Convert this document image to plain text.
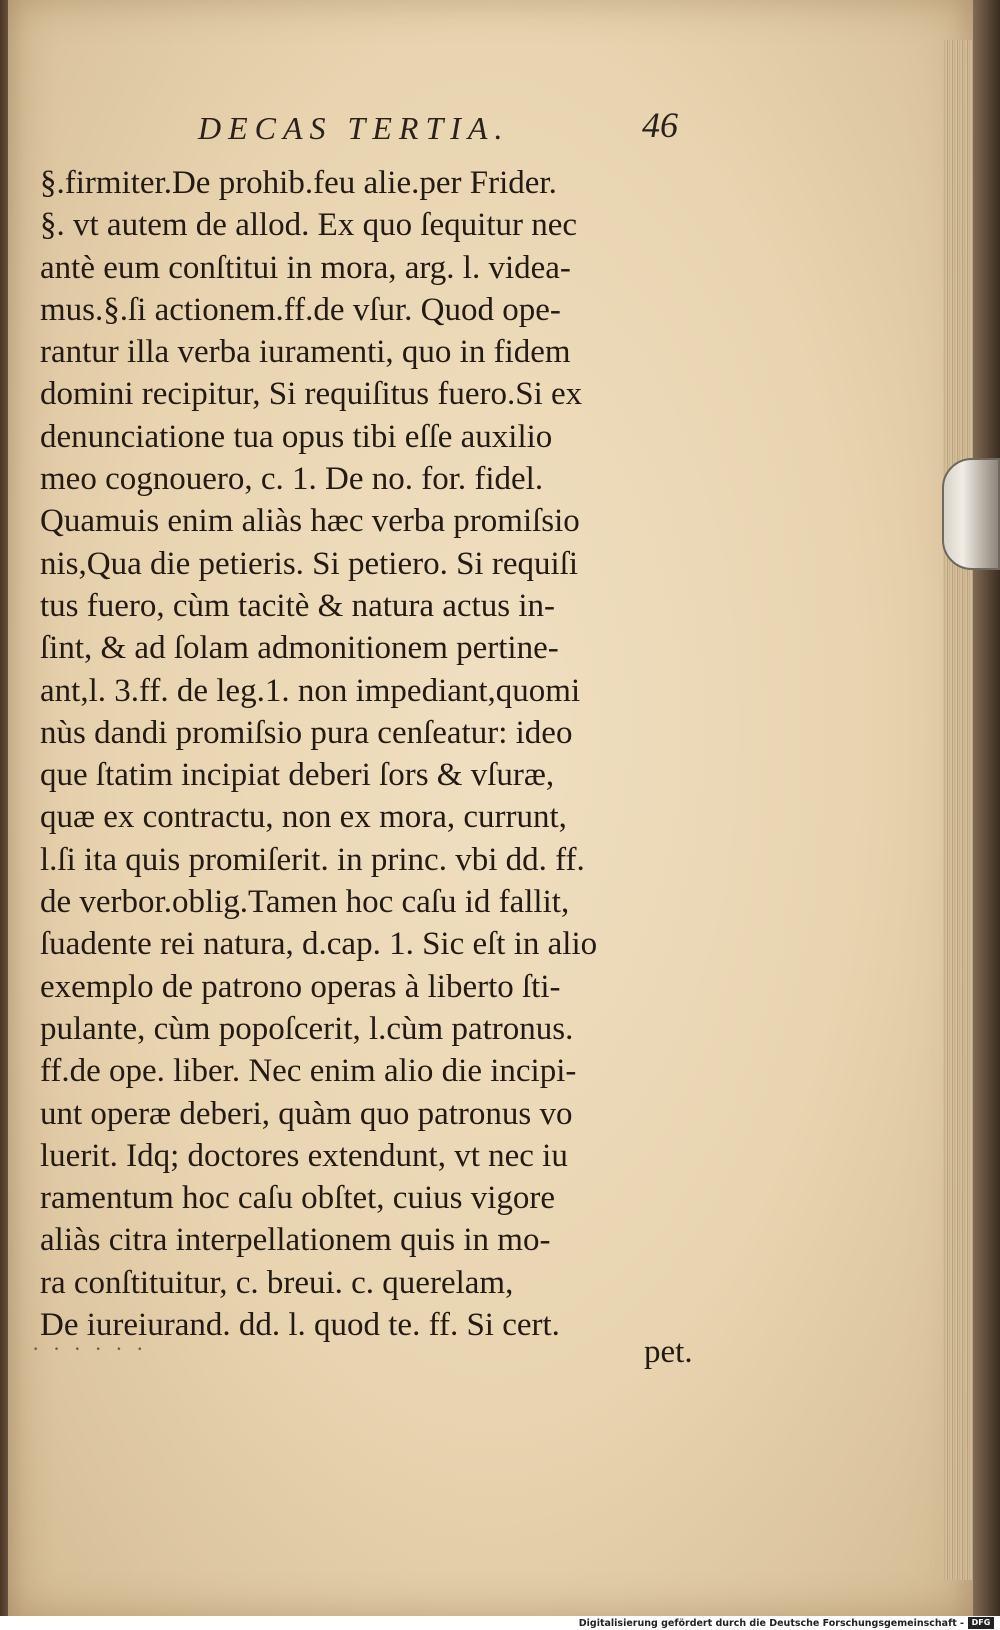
DECAS TERTIA.	46
§.firmiter.De prohib.feu alie.per Frider.
§. vt autem de allod. Ex quo ſequitur nec
antè eum conſtitui in mora, arg. l. videa-
mus.§.ſi actionem.ff.de vſur. Quod ope-
rantur illa verba iuramenti, quo in fidem
domini recipitur, Si requiſitus fuero.Si ex
denunciatione tua opus tibi eſſe auxilio
meo cognouero, c. 1. De no. for. fidel.
Quamuis enim aliàs hæc verba promiſsio
nis,Qua die petieris. Si petiero. Si requiſi
tus fuero, cùm tacitè & natura actus in-
ſint, & ad ſolam admonitionem pertine-
ant,l. 3.ff. de leg.1. non impediant,quomi
nùs dandi promiſsio pura cenſeatur: ideo
que ſtatim incipiat deberi ſors & vſuræ,
quæ ex contractu, non ex mora, currunt,
l.ſi ita quis promiſerit. in princ. vbi dd. ff.
de verbor.oblig.Tamen hoc caſu id fallit,
ſuadente rei natura, d.cap. 1. Sic eſt in alio
exemplo de patrono operas à liberto ſti-
pulante, cùm popoſcerit, l.cùm patronus.
ff.de ope. liber. Nec enim alio die incipi-
unt operæ deberi, quàm quo patronus vo
luerit. Idq; doctores extendunt, vt nec iu
ramentum hoc caſu obſtet, cuius vigore
aliàs citra interpellationem quis in mo-
ra conſtituitur, c. breui. c. querelam,
De iureiurand. dd. l. quod te. ff. Si cert.
· · · · · ·	pet.
Digitalisierung gefördert durch die Deutsche Forschungsgemeinschaft - DFG
